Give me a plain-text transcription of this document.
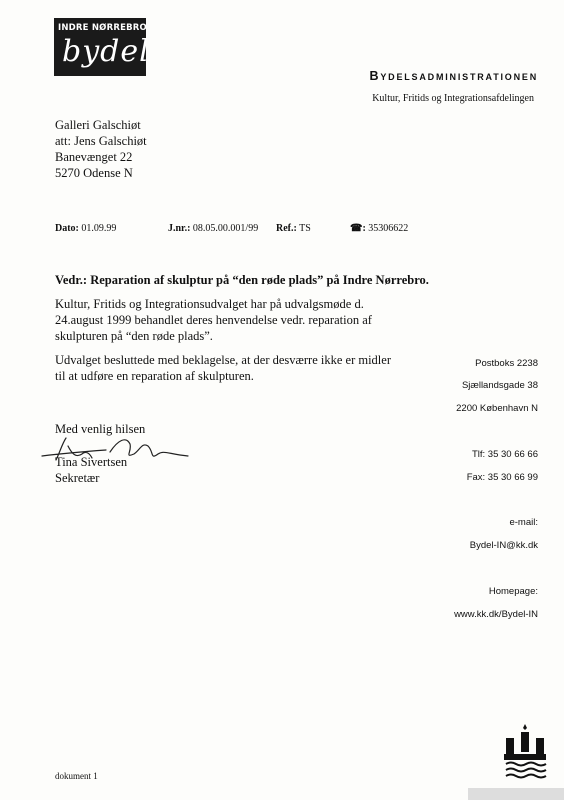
INDRE NØRREBRO
bydel
Bydelsadministrationen
Kultur, Fritids og Integrationsafdelingen
Galleri Galschiøt
att: Jens Galschiøt
Banevænget 22
5270 Odense N
Dato: 01.09.99	J.nr.: 08.05.00.001/99 Ref.: TS	☎: 35306622
Vedr.: Reparation af skulptur på “den røde plads” på Indre Nørrebro.
Kultur, Fritids og Integrationsudvalget har på udvalgsmøde d. 24.august 1999 behandlet deres henvendelse vedr. reparation af skulpturen på “den røde plads”.
Udvalget besluttede med beklagelse, at der desværre ikke er midler til at udføre en reparation af skulpturen.
Med venlig hilsen
Tina Sivertsen
Sekretær
Postboks 2238
Sjællandsgade 38
2200 København N
Tlf: 35 30 66 66
Fax: 35 30 66 99
e-mail:
Bydel-IN@kk.dk
Homepage:
www.kk.dk/Bydel-IN
dokument 1
